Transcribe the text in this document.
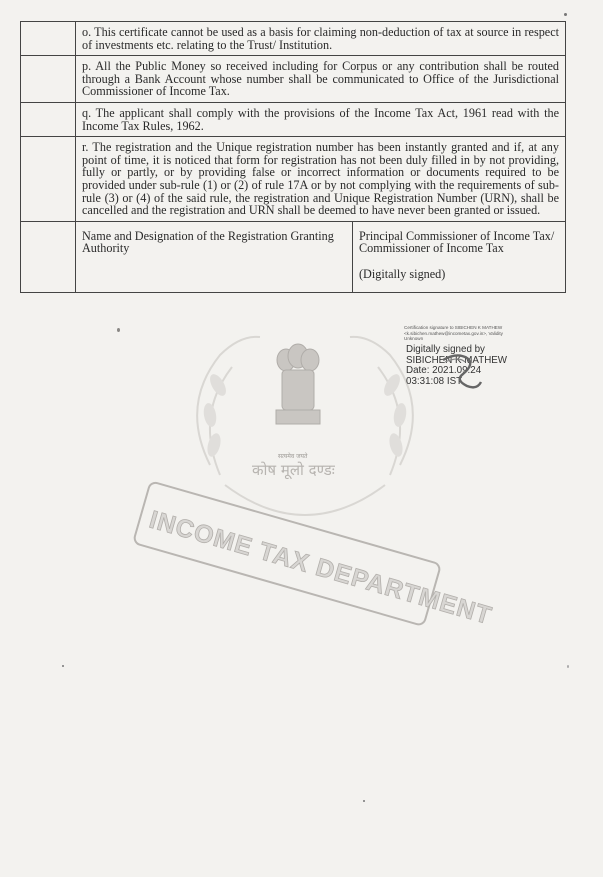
सत्यमेव जयते
कोष मूलो दण्डः
INCOME TAX DEPARTMENT

o. This certificate cannot be used as a basis for claiming non-deduction of tax at source in respect of investments etc. relating to the Trust/ Institution.

p. All the Public Money so received including for Corpus or any contribution shall be routed through a Bank Account whose number shall be communicated to Office of the Jurisdictional Commissioner of Income Tax.

q. The applicant shall comply with the provisions of the Income Tax Act, 1961 read with the Income Tax Rules, 1962.

r. The registration and the Unique registration number has been instantly granted and if, at any point of time, it is noticed that form for registration has not been duly filled in by not providing, fully or partly, or by providing false or incorrect information or documents required to be provided under sub-rule (1) or (2) of rule 17A or by not complying with the requirements of sub- rule (3) or (4) of the said rule, the registration and Unique Registration Number (URN), shall be cancelled and the registration and URN shall be deemed to have never been granted or issued.

Name and Designation of the Registration Granting Authority
Principal Commissioner of Income Tax/ Commissioner of Income Tax
(Digitally signed)
Certification signature to SIBICHEN K MATHEW
<k.sibichen.mathew@incometax.gov.in>, Validity
Unknown
Digitally signed by
SIBICHEN K MATHEW
Date: 2021.09.24
03:31:08 IST
